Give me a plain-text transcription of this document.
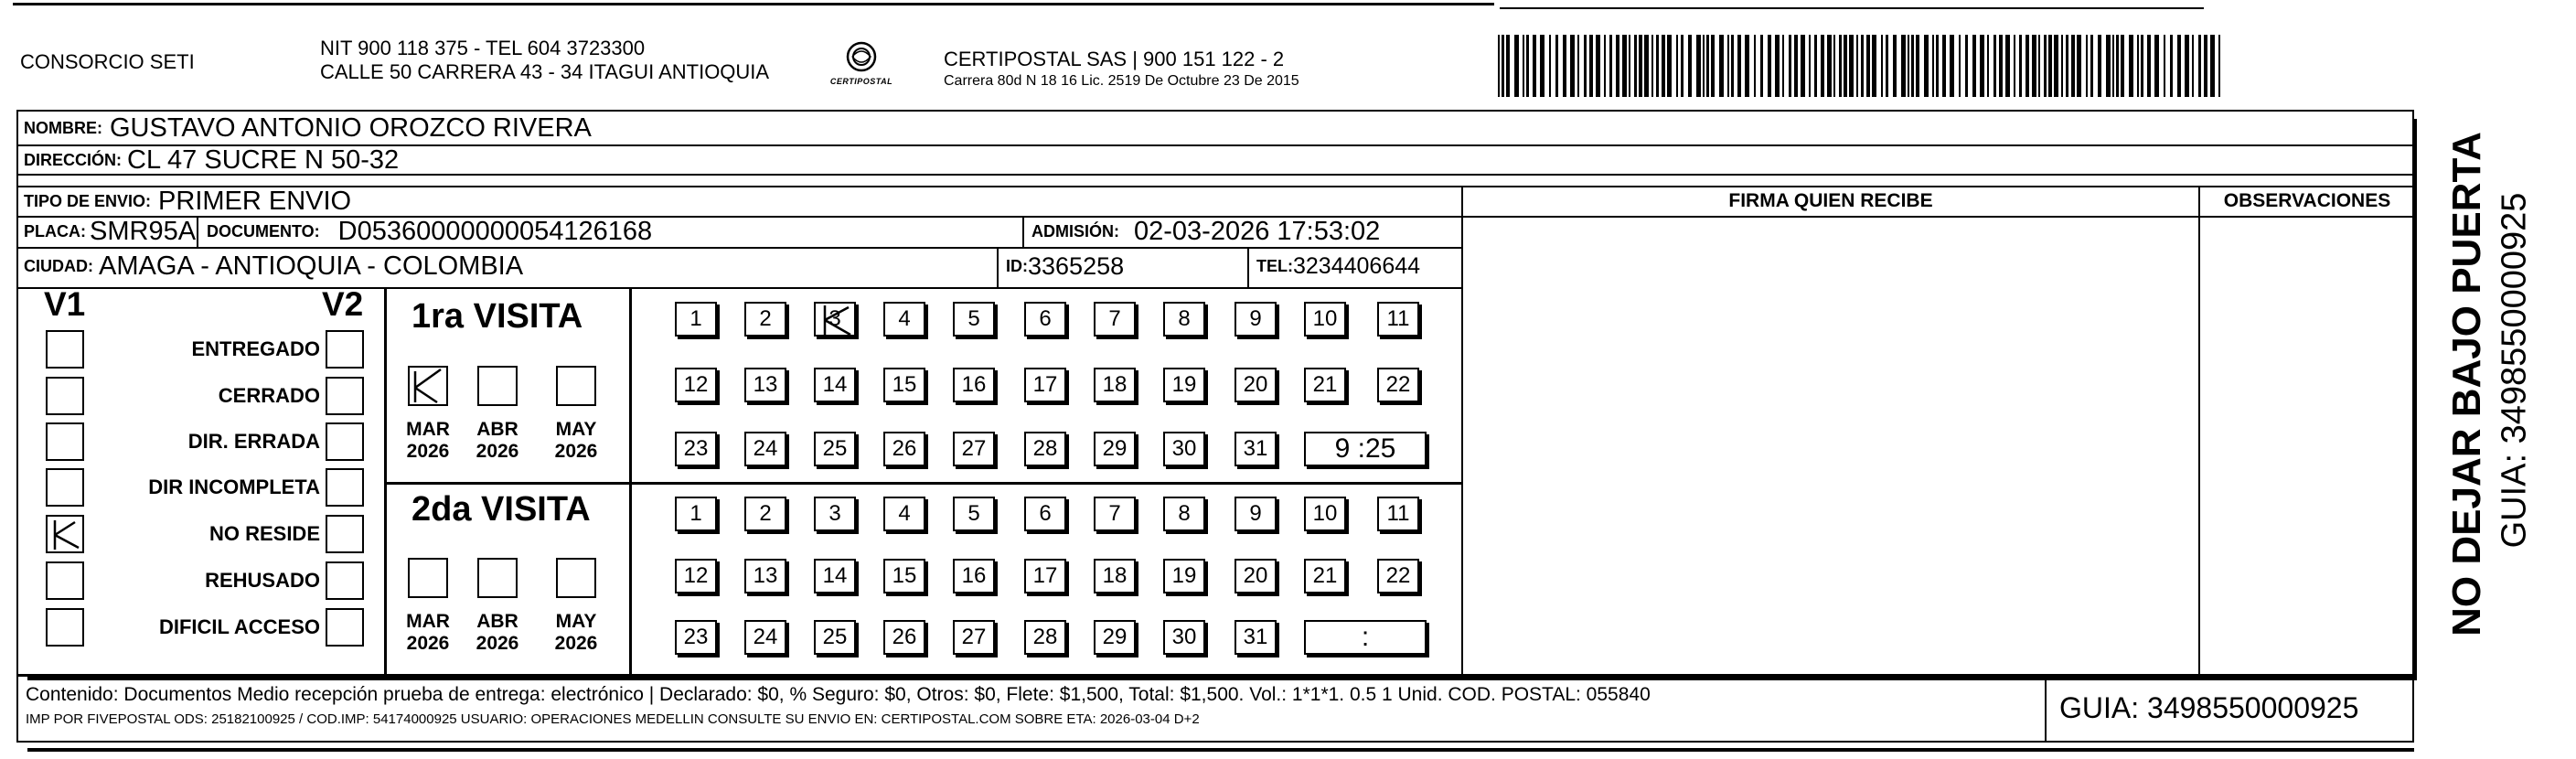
CONSORCIO SETI
NIT 900 118 375 - TEL 604 3723300
CALLE 50 CARRERA 43 - 34 ITAGUI ANTIOQUIA	CERTIPOSTAL
CERTIPOSTAL SAS | 900 151 122 - 2
Carrera 80d N 18 16 Lic. 2519 De Octubre 23 De 2015
NOMBRE: GUSTAVO ANTONIO OROZCO RIVERA
DIRECCIÓN: CL 47 SUCRE N 50-32
TIPO DE ENVIO: PRIMER ENVIO	FIRMA QUIEN RECIBE	OBSERVACIONES
PLACA: SMR95A DOCUMENTO: D05360000000054126168	ADMISIÓN: 02-03-2026 17:53:02
CIUDAD: AMAGA - ANTIOQUIA - COLOMBIA	ID: 3365258	TEL: 3234406644
V1	V2
ENTREGADO
CERRADO
DIR. ERRADA
DIR INCOMPLETA
NO RESIDE
REHUSADO
DIFICIL ACCESO
1ra VISITA
2da VISITA
MAR
2026
ABR
2026
MAY
2026
MAR
2026
ABR
2026
MAY
2026
1	2	3	4	5	6	7	8	9	10	11
12	13	14	15	16	17	18	19	20	21	22
23	24	25	26	27	28	29	30	31	9 :25
1	2	3	4	5	6	7	8	9	10	11
12	13	14	15	16	17	18	19	20	21	22
23	24	25	26	27	28	29	30	31	:
Contenido: Documentos Medio recepción prueba de entrega: electrónico | Declarado: $0, % Seguro: $0, Otros: $0, Flete: $1,500, Total: $1,500. Vol.: 1*1*1. 0.5 1 Unid. COD. POSTAL: 055840
IMP POR FIVEPOSTAL ODS: 25182100925 / COD.IMP: 54174000925 USUARIO: OPERACIONES MEDELLIN CONSULTE SU ENVIO EN: CERTIPOSTAL.COM SOBRE ETA: 2026-03-04 D+2	GUIA: 3498550000925
NO DEJAR BAJO PUERTA GUIA: 3498550000925
